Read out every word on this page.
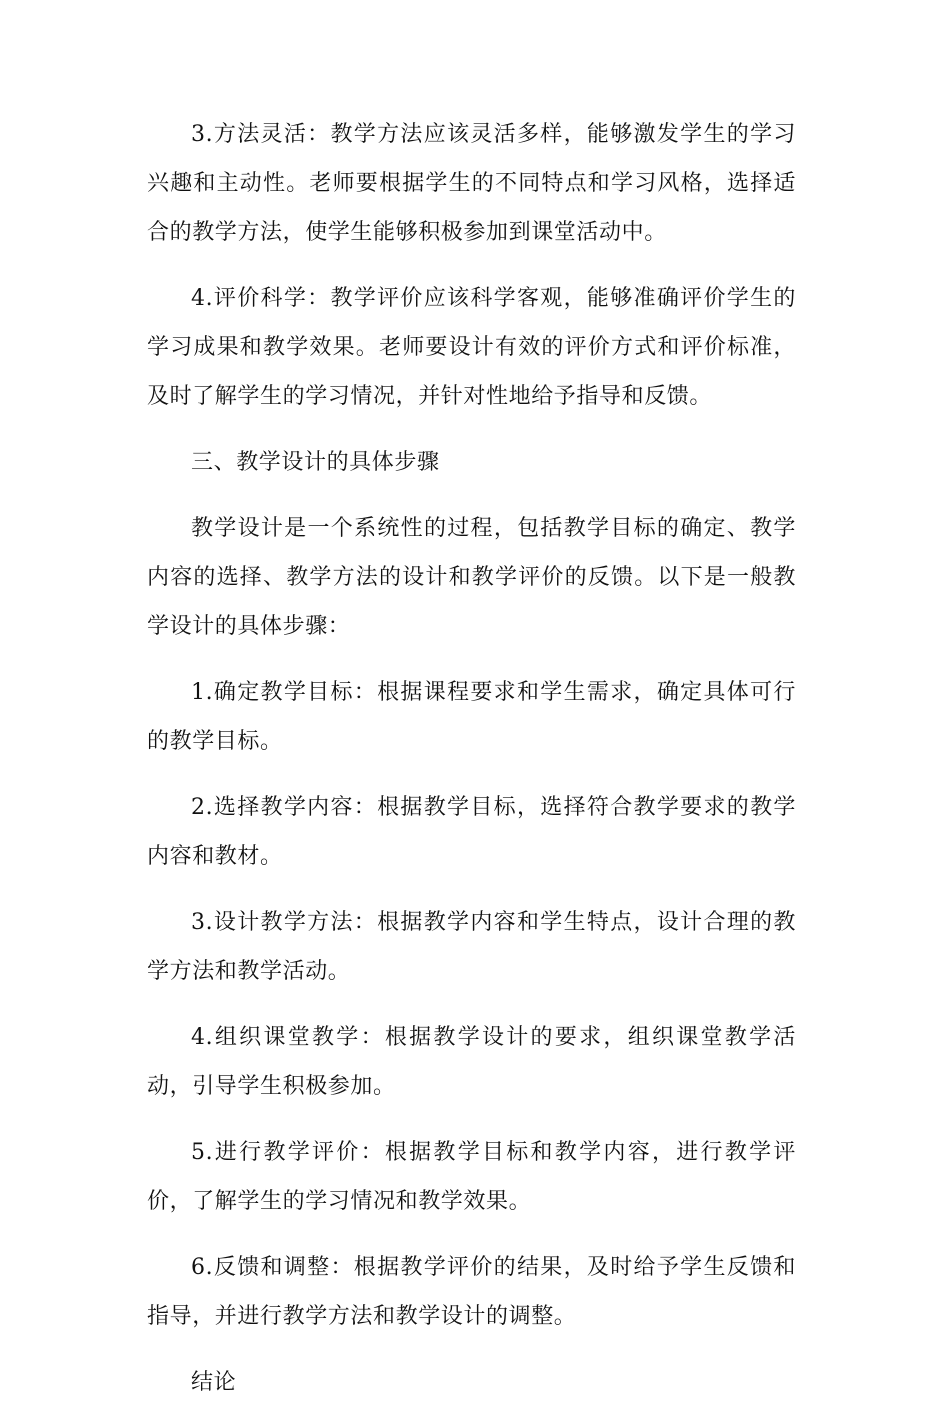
3.方法灵活：教学方法应该灵活多样，能够激发学生的学习兴趣和主动性。老师要根据学生的不同特点和学习风格，选择适合的教学方法，使学生能够积极参加到课堂活动中。

4.评价科学：教学评价应该科学客观，能够准确评价学生的学习成果和教学效果。老师要设计有效的评价方式和评价标准，及时了解学生的学习情况，并针对性地给予指导和反馈。

三、教学设计的具体步骤

教学设计是一个系统性的过程，包括教学目标的确定、教学内容的选择、教学方法的设计和教学评价的反馈。以下是一般教学设计的具体步骤：

1.确定教学目标：根据课程要求和学生需求，确定具体可行的教学目标。

2.选择教学内容：根据教学目标，选择符合教学要求的教学内容和教材。

3.设计教学方法：根据教学内容和学生特点，设计合理的教学方法和教学活动。

4.组织课堂教学：根据教学设计的要求，组织课堂教学活动，引导学生积极参加。

5.进行教学评价：根据教学目标和教学内容，进行教学评价，了解学生的学习情况和教学效果。

6.反馈和调整：根据教学评价的结果，及时给予学生反馈和指导，并进行教学方法和教学设计的调整。

结论
